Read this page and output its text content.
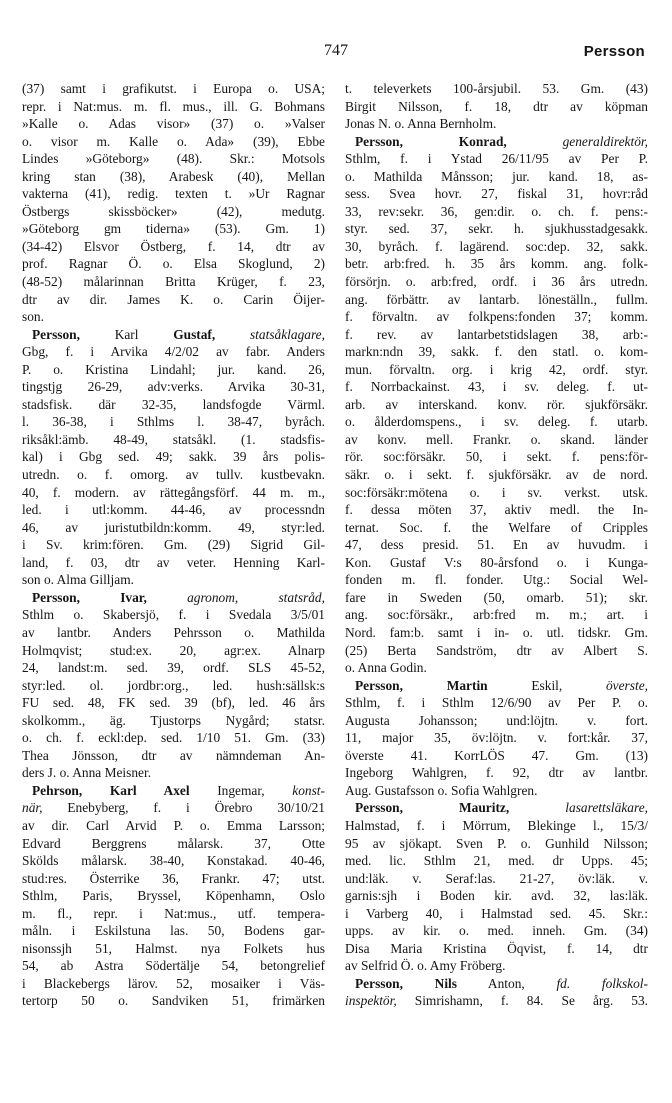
747	Persson
(37) samt i grafikutst. i Europa o. USA;
repr. i Nat:mus. m. fl. mus., ill. G. Bohmans
»Kalle o. Adas visor» (37) o. »Valser
o. visor m. Kalle o. Ada» (39), Ebbe
Lindes »Göteborg» (48). Skr.: Motsols
kring stan (38), Arabesk (40), Mellan
vakterna (41), redig. texten t. »Ur Ragnar
Östbergs skissböcker» (42), medutg.
»Göteborg gm tiderna» (53). Gm. 1)
(34-42) Elsvor Östberg, f. 14, dtr av
prof. Ragnar Ö. o. Elsa Skoglund, 2)
(48-52) målarinnan Britta Krüger, f. 23,
dtr av dir. James K. o. Carin Öijer-
son.
Persson, Karl Gustaf,	statsåklagare,
Gbg, f. i Arvika 4/2/02 av fabr. Anders
P. o. Kristina Lindahl; jur. kand. 26,
tingstjg 26-29, adv:verks. Arvika 30-31,
stadsfisk. där 32-35, landsfogde Värml.
l. 36-38, i Sthlms l. 38-47, byråch.
riksåkl:ämb. 48-49, statsåkl. (1. stadsfis-
kal) i Gbg sed. 49; sakk. 39 års polis-
utredn. o. f. omorg. av tullv. kustbevakn.
40, f. modern. av rättegångsförf. 44 m. m.,
led. i utl:komm. 44-46, av processndn
46, av juristutbildn:komm. 49, styr:led.
i Sv. krim:fören. Gm. (29) Sigrid Gil-
land, f. 03, dtr av veter. Henning Karl-
son o. Alma Gilljam.
Persson,	Ivar,	agronom, statsråd,
Sthlm o. Skabersjö, f. i Svedala 3/5/01
av lantbr. Anders Pehrsson o. Mathilda
Holmqvist; stud:ex. 20, agr:ex. Alnarp
24, landst:m. sed. 39, ordf. SLS 45-52,
styr:led. ol. jordbr:org., led. hush:sällsk:s
FU sed. 48, FK sed. 39 (bf), led. 46 års
skolkomm., äg. Tjustorps Nygård; statsr.
o. ch. f. eckl:dep. sed. 1/10 51. Gm. (33)
Thea Jönsson, dtr av nämndeman An-
ders J. o. Anna Meisner.
Pehrson, Karl Axel Ingemar, konst-
när, Enebyberg, f. i Örebro 30/10/21
av dir. Carl Arvid P. o. Emma Larsson;
Edvard Berggrens målarsk. 37, Otte
Skölds målarsk. 38-40, Konstakad. 40-46,
stud:res. Österrike 36, Frankr. 47; utst.
Sthlm, Paris, Bryssel, Köpenhamn, Oslo
m. fl., repr. i Nat:mus., utf. tempera-
måln. i Eskilstuna las. 50, Bodens gar-
nisonssjh 51, Halmst. nya Folkets hus
54, ab Astra Södertälje 54, betongrelief
i Blackebergs lärov. 52, mosaiker i Väs-
tertorp 50 o. Sandviken 51, frimärken
t. televerkets 100-årsjubil. 53. Gm. (43)
Birgit Nilsson, f. 18, dtr av köpman
Jonas N. o. Anna Bernholm.
Persson, Konrad,	generaldirektör,
Sthlm, f. i Ystad 26/11/95 av Per P.
o. Mathilda Månsson; jur. kand. 18, as-
sess. Svea hovr. 27, fiskal 31, hovr:råd
33, rev:sekr. 36, gen:dir. o. ch. f. pens:-
styr. sed. 37, sekr. h. sjukhusstadgesakk.
30, byråch. f. lagärend. soc:dep. 32, sakk.
betr. arb:fred. h. 35 års komm. ang. folk-
försörjn. o. arb:fred, ordf. i 36 års utredn.
ang. förbättr. av lantarb. löneställn., fullm.
f. förvaltn. av folkpens:fonden 37; komm.
f. rev. av lantarbetstidslagen 38, arb:-
markn:ndn 39, sakk. f. den statl. o. kom-
mun. förvaltn. org. i krig 42, ordf. styr.
f. Norrbackainst. 43, i sv. deleg. f. ut-
arb. av interskand. konv. rör. sjukförsäkr.
o. ålderdomspens., i sv. deleg. f. utarb.
av konv. mell. Frankr. o. skand. länder
rör. soc:försäkr. 50, i sekt. f. pens:för-
säkr. o. i sekt. f. sjukförsäkr. av de nord.
soc:försäkr:mötena o. i sv. verkst. utsk.
f. dessa möten 37, aktiv medl. the In-
ternat. Soc. f. the Welfare of Cripples
47, dess presid. 51. En av huvudm. i
Kon. Gustaf V:s 80-årsfond o. i Kunga-
fonden m. fl. fonder. Utg.: Social Wel-
fare in Sweden (50, omarb. 51); skr.
ang. soc:försäkr., arb:fred m. m.; art. i
Nord. fam:b. samt i in- o. utl. tidskr. Gm.
(25) Berta Sandström, dtr av Albert S.
o. Anna Godin.
Persson, Martin Eskil, överste,
Sthlm, f. i Sthlm 12/6/90 av Per P. o.
Augusta Johansson; und:löjtn. v. fort.
11, major 35, öv:löjtn. v. fort:kår. 37,
överste 41. KorrLÖS 47. Gm. (13)
Ingeborg Wahlgren, f. 92, dtr av lantbr.
Aug. Gustafsson o. Sofia Wahlgren.
Persson, Mauritz,	lasarettsläkare,
Halmstad, f. i Mörrum, Blekinge l., 15/3/
95 av sjökapt. Sven P. o. Gunhild Nilsson;
med. lic. Sthlm 21, med. dr Upps. 45;
und:läk. v. Seraf:las. 21-27, öv:läk. v.
garnis:sjh i Boden kir. avd. 32, las:läk.
i Varberg 40, i Halmstad sed. 45. Skr.:
upps. av kir. o. med. inneh. Gm. (34)
Disa Maria Kristina Öqvist, f. 14, dtr
av Selfrid Ö. o. Amy Fröberg.
Persson, Nils Anton, fd. folkskol-
inspektör, Simrishamn, f. 84. Se årg. 53.
